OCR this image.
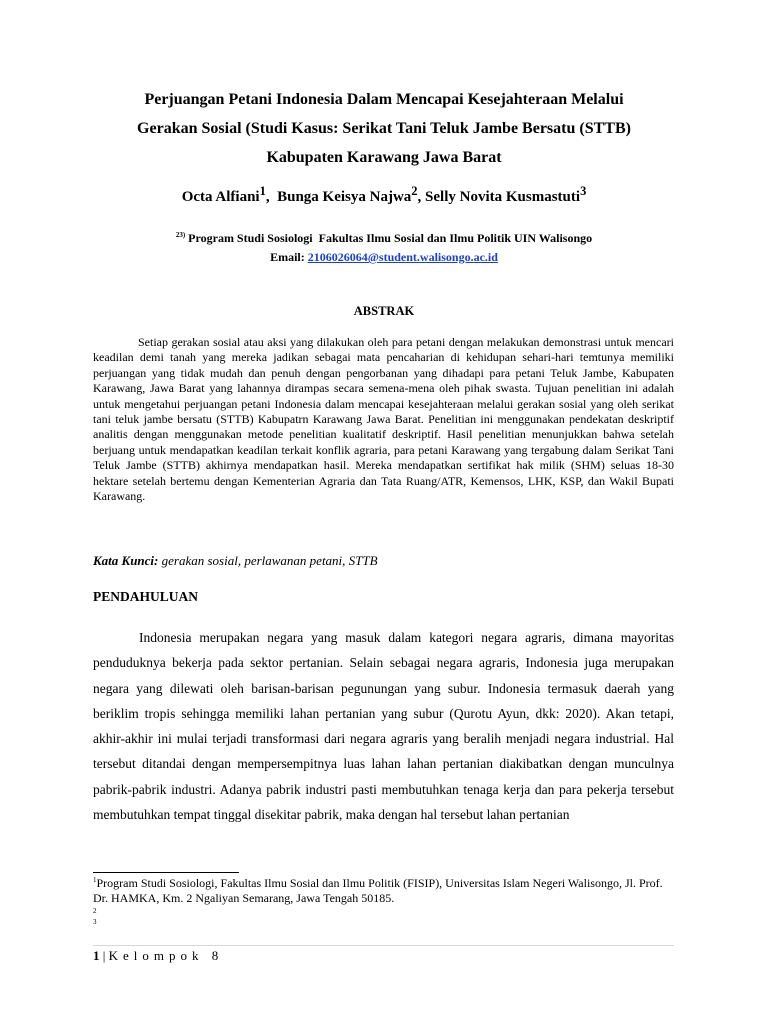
Perjuangan Petani Indonesia Dalam Mencapai Kesejahteraan Melalui
Gerakan Sosial (Studi Kasus: Serikat Tani Teluk Jambe Bersatu (STTB)
Kabupaten Karawang Jawa Barat
Octa Alfiani$^1$,  Bunga Keisya Najwa$^2$, Selly Novita Kusmastuti$^3$
$^{23)}$ Program Studi Sosiologi  Fakultas Ilmu Sosial dan Ilmu Politik UIN Walisongo
Email: 2106026064@student.walisongo.ac.id
ABSTRAK

Setiap gerakan sosial atau aksi yang dilakukan oleh para petani dengan melakukan demonstrasi untuk mencari keadilan demi tanah yang mereka jadikan sebagai mata pencaharian di kehidupan sehari-hari temtunya memiliki perjuangan yang tidak mudah dan penuh dengan pengorbanan yang dihadapi para petani Teluk Jambe, Kabupaten Karawang, Jawa Barat yang lahannya dirampas secara semena-mena oleh pihak swasta. Tujuan penelitian ini adalah untuk mengetahui perjuangan petani Indonesia dalam mencapai kesejahteraan melalui gerakan sosial yang oleh serikat tani teluk jambe bersatu (STTB) Kabupatrn Karawang Jawa Barat. Penelitian ini menggunakan pendekatan deskriptif analitis dengan menggunakan metode penelitian kualitatif deskriptif. Hasil penelitian menunjukkan bahwa setelah berjuang untuk mendapatkan keadilan terkait konflik agraria, para petani Karawang yang tergabung dalam Serikat Tani Teluk Jambe (STTB) akhirnya mendapatkan hasil. Mereka mendapatkan sertifikat hak milik (SHM) seluas 18-30 hektare setelah bertemu dengan Kementerian Agraria dan Tata Ruang/ATR, Kemensos, LHK, KSP, dan Wakil Bupati Karawang.

Kata Kunci: gerakan sosial, perlawanan petani, STTB
PENDAHULUAN

Indonesia merupakan negara yang masuk dalam kategori negara agraris, dimana mayoritas penduduknya bekerja pada sektor pertanian. Selain sebagai negara agraris, Indonesia juga merupakan negara yang dilewati oleh barisan-barisan pegunungan yang subur. Indonesia termasuk daerah yang beriklim tropis sehingga memiliki lahan pertanian yang subur (Qurotu Ayun, dkk: 2020). Akan tetapi, akhir-akhir ini mulai terjadi transformasi dari negara agraris yang beralih menjadi negara industrial. Hal tersebut ditandai dengan mempersempitnya luas lahan lahan pertanian diakibatkan dengan munculnya pabrik-pabrik industri. Adanya pabrik industri pasti membutuhkan tenaga kerja dan para pekerja tersebut membutuhkan tempat tinggal disekitar pabrik, maka dengan hal tersebut lahan pertanian

$^1$Program Studi Sosiologi, Fakultas Ilmu Sosial dan Ilmu Politik (FISIP), Universitas Islam Negeri Walisongo, Jl. Prof. Dr. HAMKA, Km. 2 Ngaliyan Semarang, Jawa Tengah 50185.
2
3
1 | Kelompok 8
